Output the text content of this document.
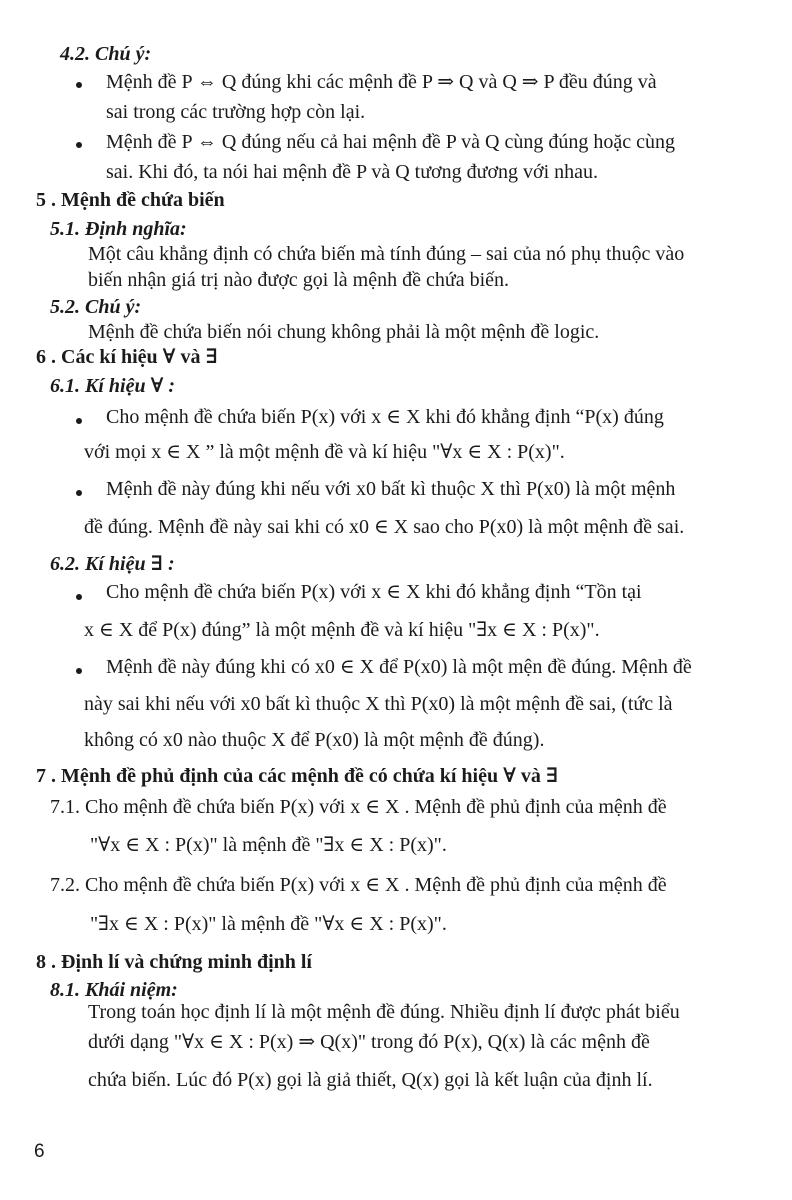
4.2. Chú ý:
Mệnh đề P ⇔ Q đúng khi các mệnh đề P ⇒ Q và Q ⇒ P đều đúng và
sai trong các trường hợp còn lại.
Mệnh đề P ⇔ Q đúng nếu cả hai mệnh đề P và Q cùng đúng hoặc cùng
sai. Khi đó, ta nói hai mệnh đề P và Q tương đương với nhau.
5 . Mệnh đề chứa biến
5.1. Định nghĩa:
Một câu khẳng định có chứa biến mà tính đúng – sai của nó phụ thuộc vào
biến nhận giá trị nào được gọi là mệnh đề chứa biến.
5.2. Chú ý:
Mệnh đề chứa biến nói chung không phải là một mệnh đề logic.
6 . Các kí hiệu ∀ và ∃
6.1. Kí hiệu ∀ :
Cho mệnh đề chứa biến P(x) với x ∈ X khi đó khẳng định “P(x) đúng
với mọi x ∈ X ” là một mệnh đề và kí hiệu "∀x ∈ X : P(x)".
Mệnh đề này đúng khi nếu với x0 bất kì thuộc X thì P(x0) là một mệnh
đề đúng. Mệnh đề này sai khi có x0 ∈ X sao cho P(x0) là một mệnh đề sai.
6.2. Kí hiệu ∃ :
Cho mệnh đề chứa biến P(x) với x ∈ X khi đó khẳng định “Tồn tại
x ∈ X để P(x) đúng” là một mệnh đề và kí hiệu "∃x ∈ X : P(x)".
Mệnh đề này đúng khi có x0 ∈ X để P(x0) là một mện đề đúng. Mệnh đề
này sai khi nếu với x0 bất kì thuộc X thì P(x0) là một mệnh đề sai, (tức là
không có x0 nào thuộc X để P(x0) là một mệnh đề đúng).
7 . Mệnh đề phủ định của các mệnh đề có chứa kí hiệu ∀ và ∃
7.1. Cho mệnh đề chứa biến P(x) với x ∈ X . Mệnh đề phủ định của mệnh đề
"∀x ∈ X : P(x)" là mệnh đề "∃x ∈ X : P(x)".
7.2. Cho mệnh đề chứa biến P(x) với x ∈ X . Mệnh đề phủ định của mệnh đề
"∃x ∈ X : P(x)" là mệnh đề "∀x ∈ X : P(x)".
8 . Định lí và chứng minh định lí
8.1. Khái niệm:
Trong toán học định lí là một mệnh đề đúng. Nhiều định lí được phát biểu
dưới dạng "∀x ∈ X : P(x) ⇒ Q(x)" trong đó P(x), Q(x) là các mệnh đề
chứa biến. Lúc đó P(x) gọi là giả thiết, Q(x) gọi là kết luận của định lí.
6
